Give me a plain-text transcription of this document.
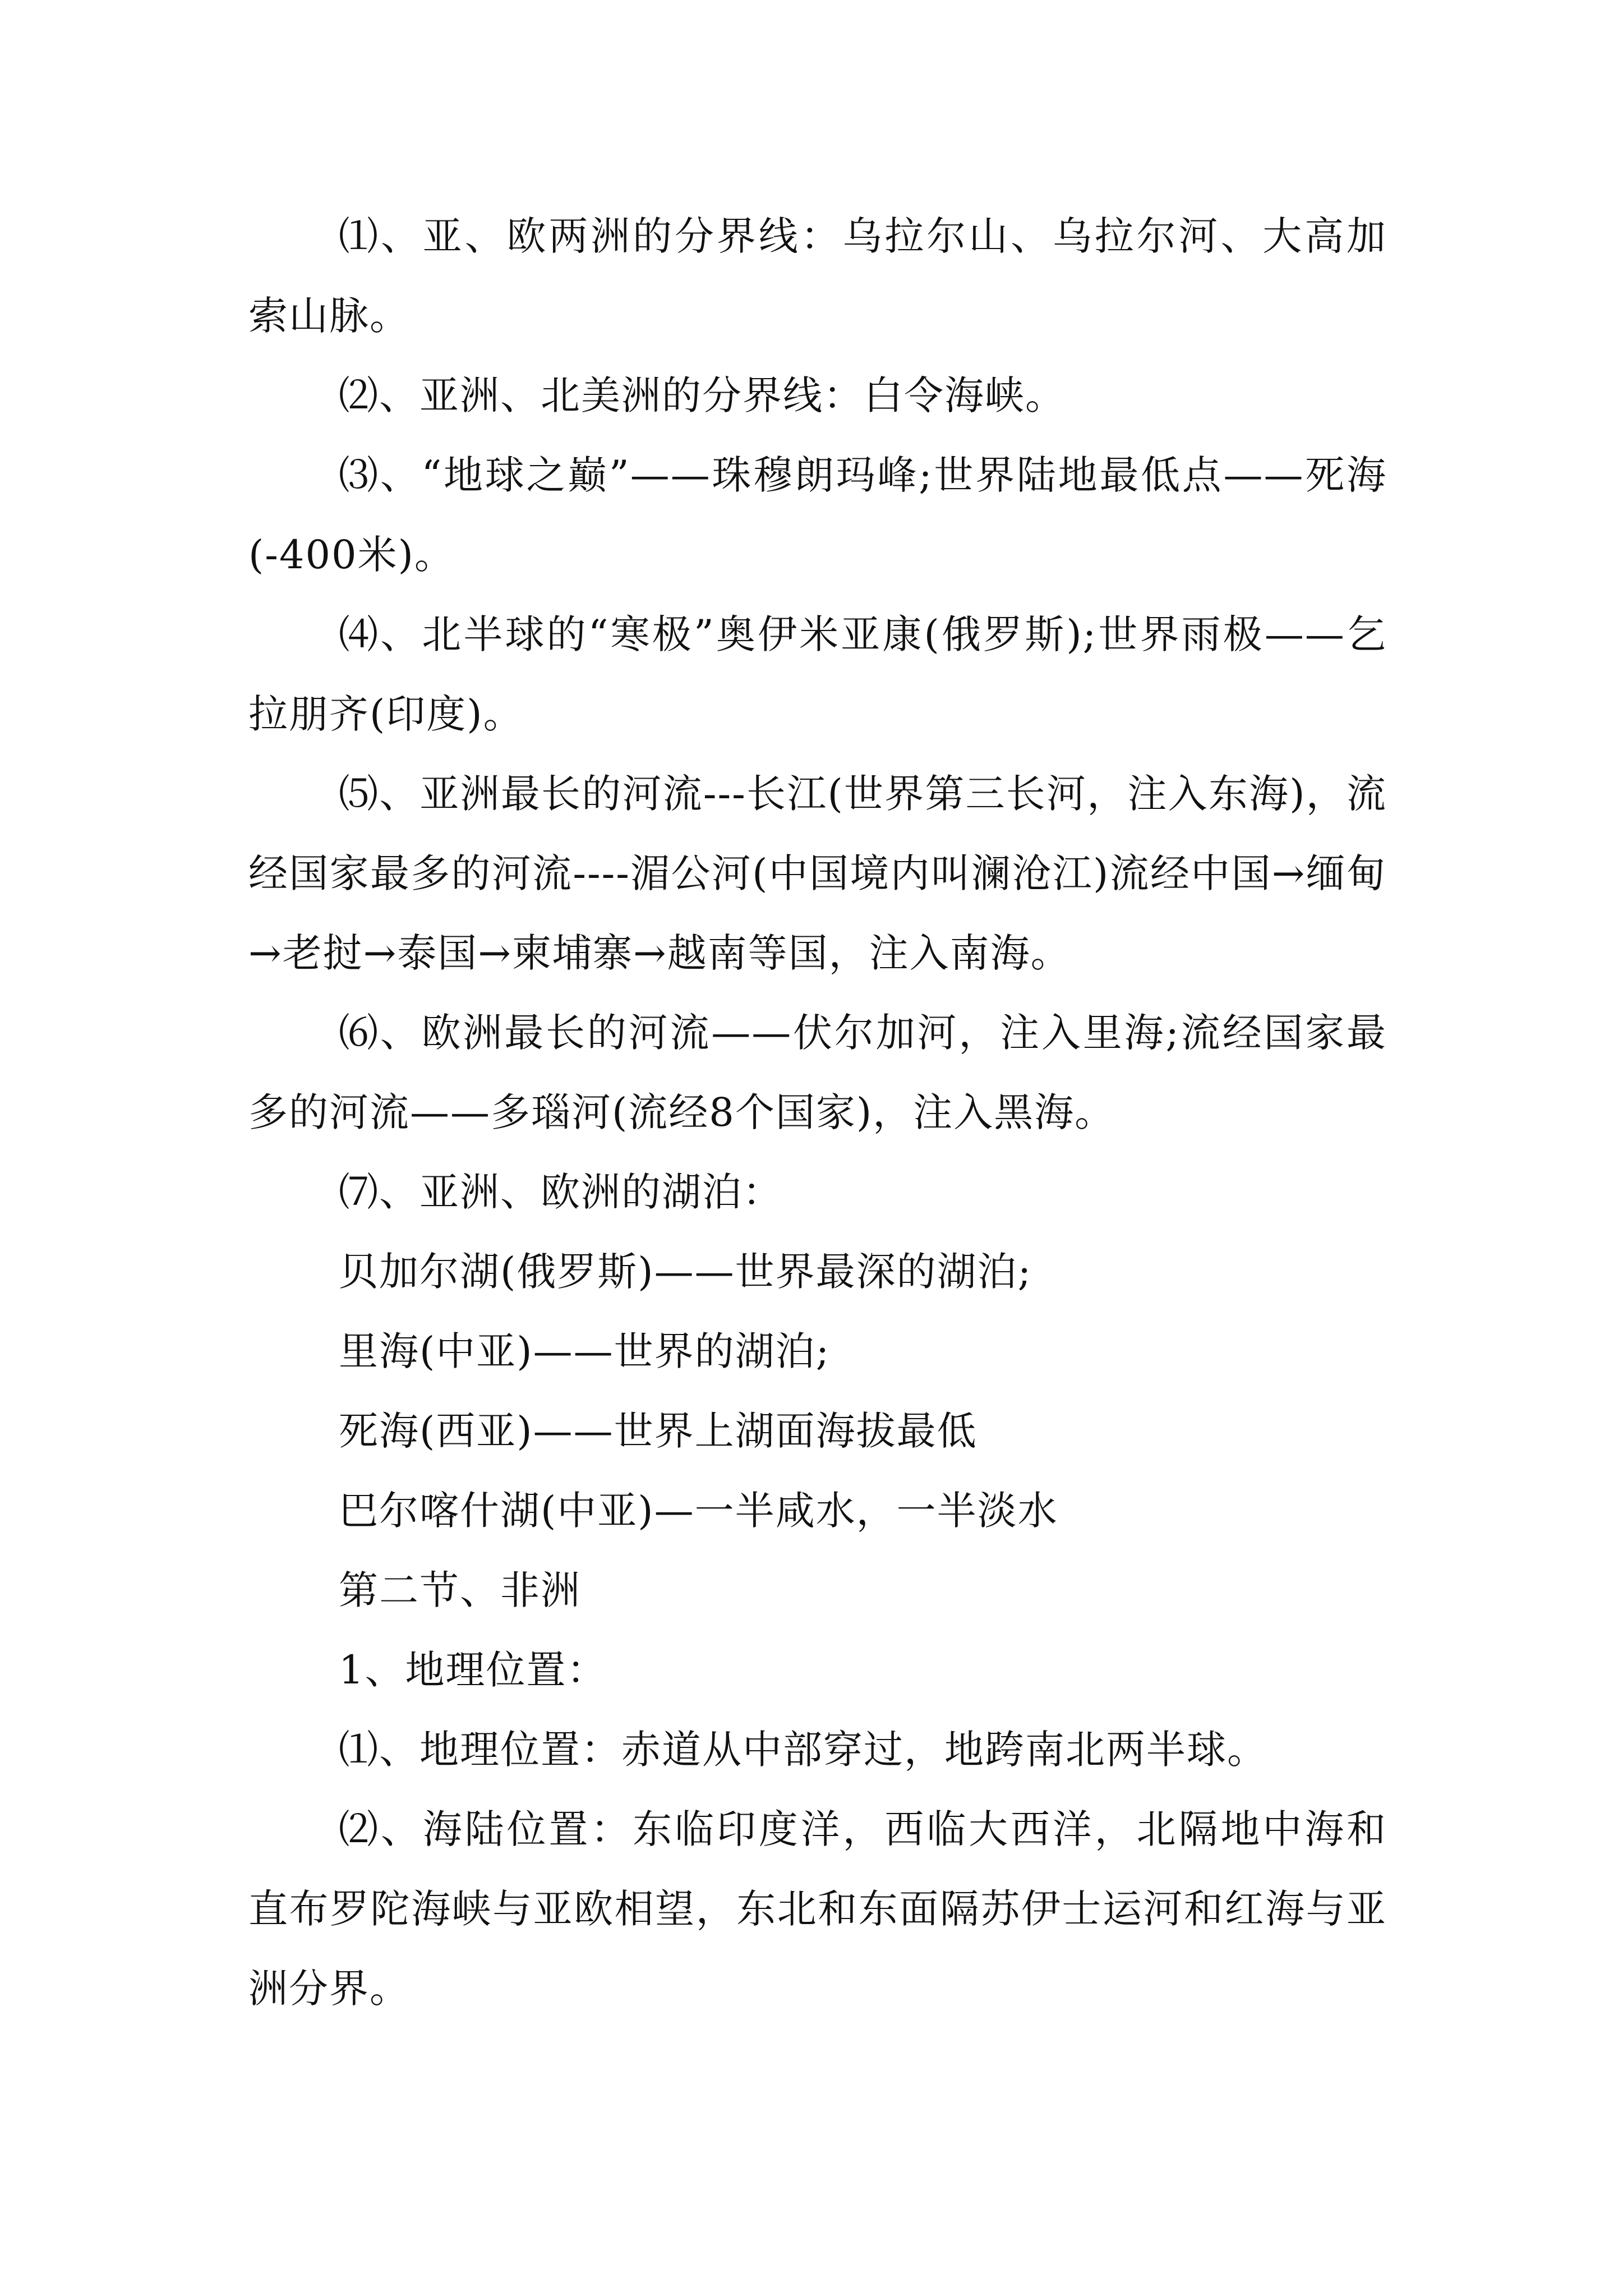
⑴、亚、欧两洲的分界线：乌拉尔山、乌拉尔河、大高加索山脉。

⑵、亚洲、北美洲的分界线：白令海峡。

⑶、“地球之巅”——珠穆朗玛峰;世界陆地最低点——死海(-400米)。

⑷、北半球的“寒极”奥伊米亚康(俄罗斯);世界雨极——乞拉朋齐(印度)。

⑸、亚洲最长的河流---长江(世界第三长河，注入东海)，流经国家最多的河流----湄公河(中国境内叫澜沧江)流经中国→缅甸→老挝→泰国→柬埔寨→越南等国，注入南海。

⑹、欧洲最长的河流——伏尔加河，注入里海;流经国家最多的河流——多瑙河(流经8个国家)，注入黑海。

⑺、亚洲、欧洲的湖泊：

贝加尔湖(俄罗斯)——世界最深的湖泊;

里海(中亚)——世界的湖泊;

死海(西亚)——世界上湖面海拔最低

巴尔喀什湖(中亚)—一半咸水，一半淡水

第二节、非洲

1、地理位置：

⑴、地理位置：赤道从中部穿过，地跨南北两半球。

⑵、海陆位置：东临印度洋，西临大西洋，北隔地中海和直布罗陀海峡与亚欧相望，东北和东面隔苏伊士运河和红海与亚洲分界。
